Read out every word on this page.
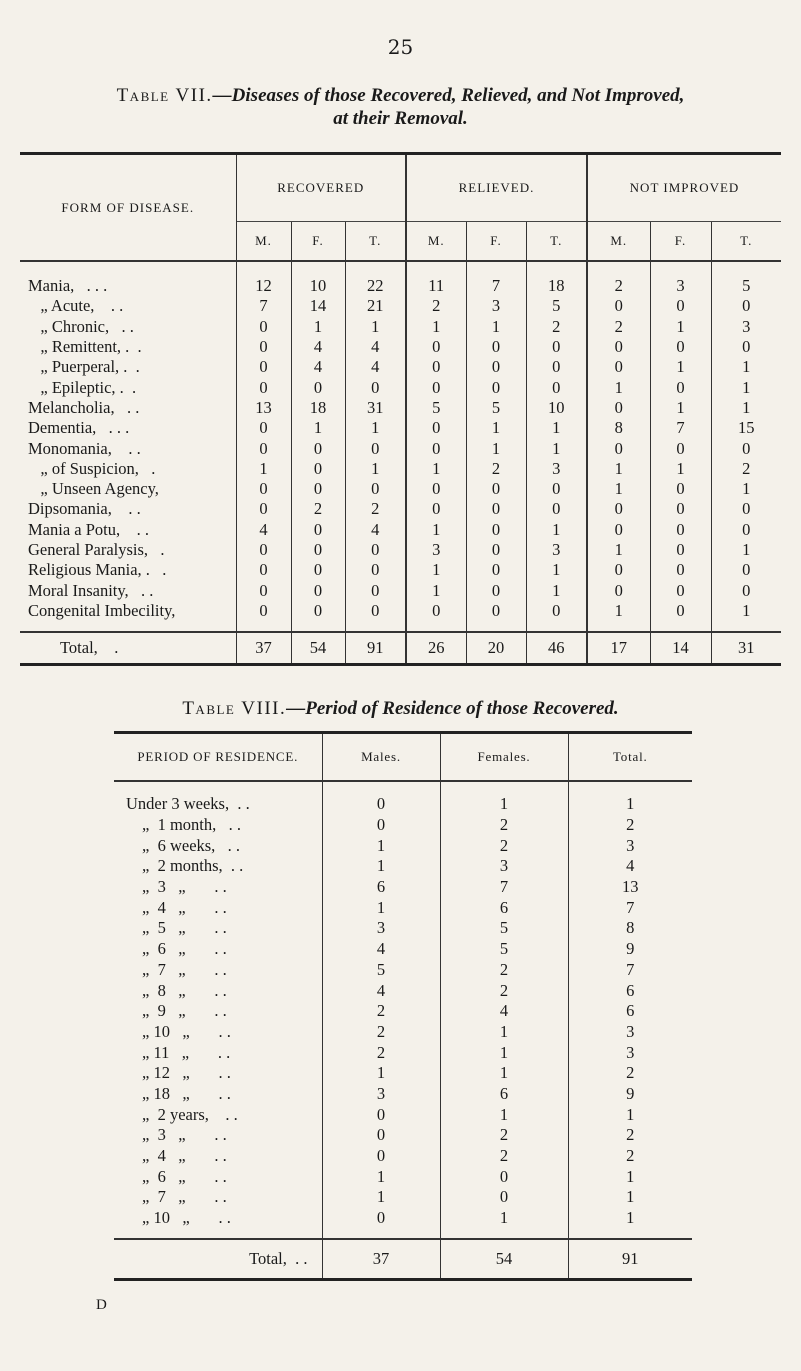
25
Table VII.—Diseases of those Recovered, Relieved, and Not Improved,
at their Removal.
FORM OF DISEASE.	RECOVERED			RELIEVED.			NOT IMPROVED		
	M.	F.	T.	M.	F.	T.	M.	F.	T.
Mania,   . . .	12	10	22	11	7	18	2	3	5
„ Acute,    . .	7	14	21	2	3	5	0	0	0
„ Chronic,   . .	0	1	1	1	1	2	2	1	3
„ Remittent, .  .	0	4	4	0	0	0	0	0	0
„ Puerperal, .  .	0	4	4	0	0	0	0	1	1
„ Epileptic, .  .	0	0	0	0	0	0	1	0	1
Melancholia,   . .	13	18	31	5	5	10	0	1	1
Dementia,   . . .	0	1	1	0	1	1	8	7	15
Monomania,    . .	0	0	0	0	1	1	0	0	0
„ of Suspicion,   .	1	0	1	1	2	3	1	1	2
„ Unseen Agency,	0	0	0	0	0	0	1	0	1
Dipsomania,    . .	0	2	2	0	0	0	0	0	0
Mania a Potu,    . .	4	0	4	1	0	1	0	0	0
General Paralysis,   .	0	0	0	3	0	3	1	0	1
Religious Mania, .   .	0	0	0	1	0	1	0	0	0
Moral Insanity,   . .	0	0	0	1	0	1	0	0	0
Congenital Imbecility,	0	0	0	0	0	0	1	0	1

Total,    .	37	54	91	26	20	46	17	14	31
Table VIII.—Period of Residence of those Recovered.
PERIOD OF RESIDENCE.	Males.	Females.	Total.
Under 3 weeks,  . .	0	1	1
„  1 month,   . .	0	2	2
„  6 weeks,   . .	1	2	3
„  2 months,  . .	1	3	4
„  3   „       . .	6	7	13
„  4   „       . .	1	6	7
„  5   „       . .	3	5	8
„  6   „       . .	4	5	9
„  7   „       . .	5	2	7
„  8   „       . .	4	2	6
„  9   „       . .	2	4	6
„ 10   „       . .	2	1	3
„ 11   „       . .	2	1	3
„ 12   „       . .	1	1	2
„ 18   „       . .	3	6	9
„  2 years,    . .	0	1	1
„  3   „       . .	0	2	2
„  4   „       . .	0	2	2
„  6   „       . .	1	0	1
„  7   „       . .	1	0	1
„ 10   „       . .	0	1	1

Total,  . .	37	54	91
D
